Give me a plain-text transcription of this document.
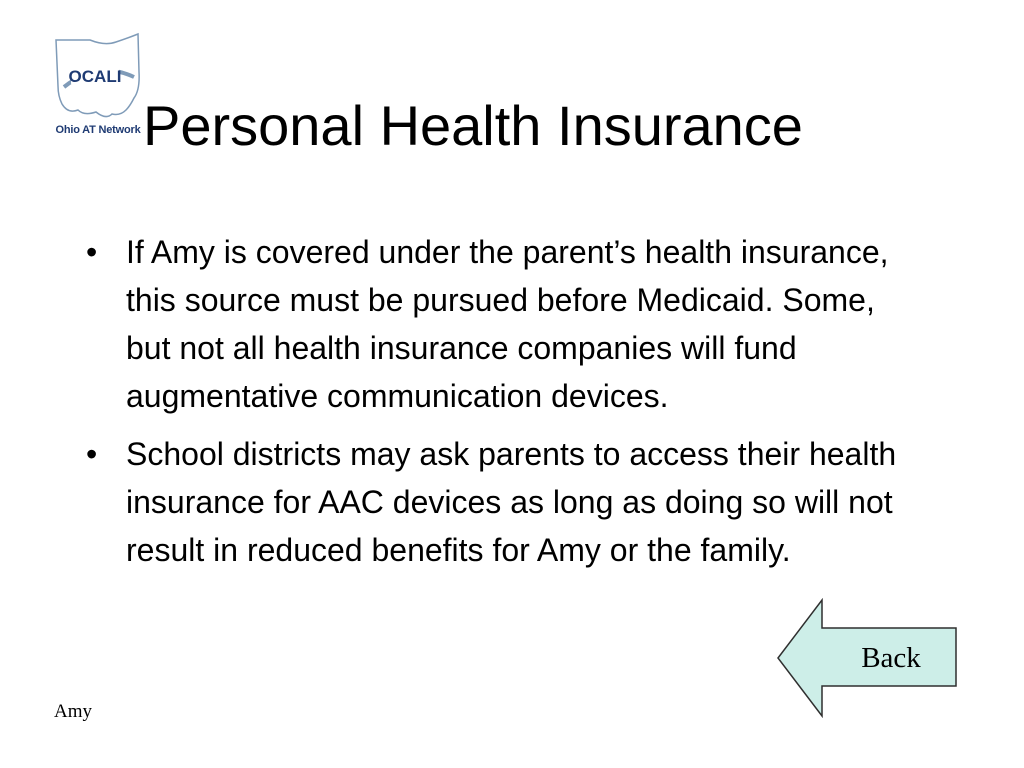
OCALI
Ohio AT Network Personal Health Insurance
• If Amy is covered under the parent’s health insurance, this source must be pursued before Medicaid. Some, but not all health insurance companies will fund augmentative communication devices.
• School districts may ask parents to access their health insurance for AAC devices as long as doing so will not result in reduced benefits for Amy or the family.
Back
Amy
